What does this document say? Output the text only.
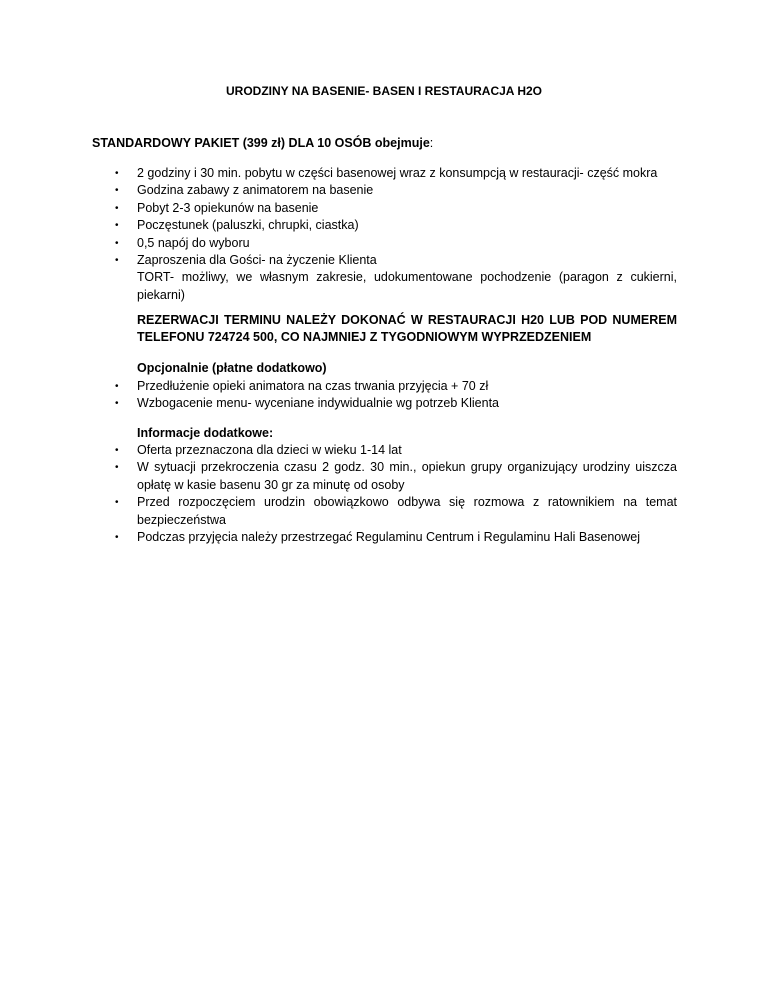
URODZINY NA BASENIE- BASEN I RESTAURACJA H2O
STANDARDOWY PAKIET (399 zł) DLA 10 OSÓB obejmuje:
• 2 godziny i 30 min. pobytu w części basenowej wraz z konsumpcją w restauracji- część mokra
• Godzina zabawy z animatorem na basenie
• Pobyt 2-3 opiekunów na basenie
• Poczęstunek (paluszki, chrupki, ciastka)
• 0,5 napój do wyboru
• Zaproszenia dla Gości- na życzenie Klienta
TORT- możliwy, we własnym zakresie, udokumentowane pochodzenie (paragon z cukierni, piekarni)
REZERWACJI TERMINU NALEŻY DOKONAĆ W RESTAURACJI H20 LUB POD NUMEREM TELEFONU 724724 500, CO NAJMNIEJ Z TYGODNIOWYM WYPRZEDZENIEM
Opcjonalnie (płatne dodatkowo)
• Przedłużenie opieki animatora na czas trwania przyjęcia + 70 zł
• Wzbogacenie menu- wyceniane indywidualnie wg potrzeb Klienta
Informacje dodatkowe:
• Oferta przeznaczona dla dzieci w wieku 1-14 lat
• W sytuacji przekroczenia czasu 2 godz. 30 min., opiekun grupy organizujący urodziny uiszcza opłatę w kasie basenu 30 gr za minutę od osoby
• Przed rozpoczęciem urodzin obowiązkowo odbywa się rozmowa z ratownikiem na temat bezpieczeństwa
• Podczas przyjęcia należy przestrzegać Regulaminu Centrum i Regulaminu Hali Basenowej
